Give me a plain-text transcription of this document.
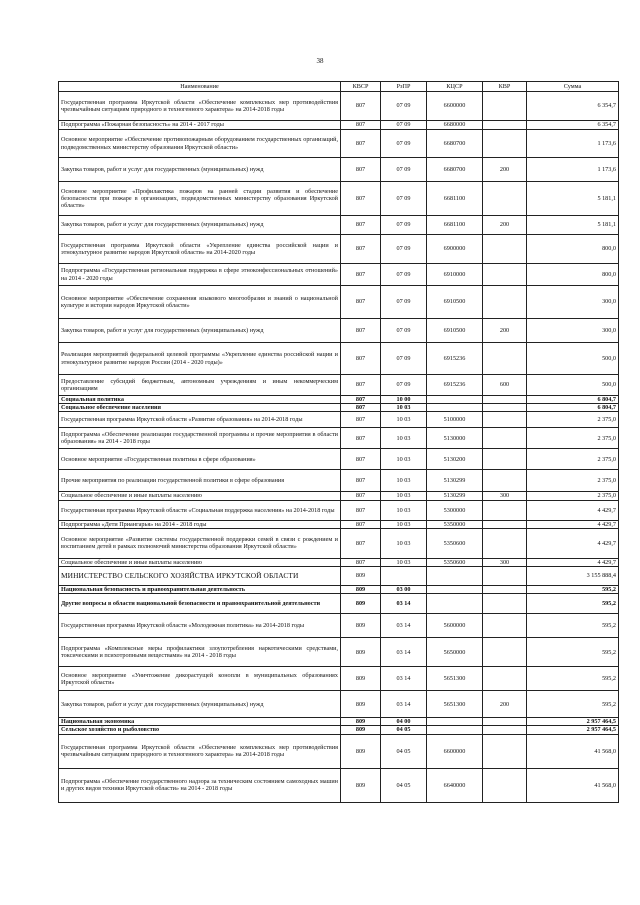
38
Наименование	КВСР	РзПР	КЦСР	КВР	Сумма
Государственная программа Иркутской области «Обеспечение комплексных мер противодействия чрезвычайным ситуациям природного и техногенного характера» на 2014-2018 годы	807	07 09	6600000		6 354,7
Подпрограмма «Пожарная безопасность» на 2014 - 2017 годы	807	07 09	6680000		6 354,7
Основное мероприятие «Обеспечение противопожарным оборудованием государственных организаций, подведомственных министерству образования Иркутской области»	807	07 09	6680700		1 173,6
Закупка товаров, работ и услуг для государственных (муниципальных) нужд	807	07 09	6680700	200	1 173,6
Основное мероприятие «Профилактика пожаров на ранней стадии развития и обеспечение безопасности при пожаре в организациях, подведомственных министерству образования Иркутской области»	807	07 09	6681100		5 181,1
Закупка товаров, работ и услуг для государственных (муниципальных) нужд	807	07 09	6681100	200	5 181,1
Государственная программа Иркутской области «Укрепление единства российской нации и этнокультурное развитие народов Иркутской области» на 2014-2020 годы	807	07 09	6900000		800,0
Подпрограмма «Государственная региональная поддержка в сфере этноконфессиональных отношений» на 2014 - 2020 годы	807	07 09	6910000		800,0
Основное мероприятие «Обеспечение сохранения языкового многообразия и знаний о национальной культуре и истории народов Иркутской области»	807	07 09	6910500		300,0
Закупка товаров, работ и услуг для государственных (муниципальных) нужд	807	07 09	6910500	200	300,0
Реализация мероприятий федеральной целевой программы «Укрепление единства российской нации и этнокультурное развитие народов России (2014 - 2020 годы)»	807	07 09	6915236		500,0
Предоставление субсидий бюджетным, автономным учреждениям и иным некоммерческим организациям	807	07 09	6915236	600	500,0
Социальная политика	807	10 00			6 804,7
Социальное обеспечение населения	807	10 03			6 804,7
Государственная программа Иркутской области «Развитие образования» на 2014-2018 годы	807	10 03	5100000		2 375,0
Подпрограмма «Обеспечение реализации государственной программы и прочие мероприятия в области образования» на 2014 - 2018 годы	807	10 03	5130000		2 375,0
Основное мероприятие «Государственная политика в сфере образования»	807	10 03	5130200		2 375,0
Прочие мероприятия по реализации государственной политики в сфере образования	807	10 03	5130299		2 375,0
Социальное обеспечение и иные выплаты населению	807	10 03	5130299	300	2 375,0
Государственная программа Иркутской области «Социальная поддержка населения» на 2014-2018 годы	807	10 03	5300000		4 429,7
Подпрограмма «Дети Приангарья» на 2014 - 2018 годы	807	10 03	5350000		4 429,7
Основное мероприятие «Развитие системы государственной поддержки семей в связи с рождением и воспитанием детей в рамках полномочий министерства образования Иркутской области»	807	10 03	5350600		4 429,7
Социальное обеспечение и иные выплаты населению	807	10 03	5350600	300	4 429,7
МИНИСТЕРСТВО СЕЛЬСКОГО ХОЗЯЙСТВА ИРКУТСКОЙ ОБЛАСТИ	809				3 155 888,4
Национальная безопасность и правоохранительная деятельность	809	03 00			595,2
Другие вопросы в области национальной безопасности и правоохранительной деятельности	809	03 14			595,2
Государственная программа Иркутской области «Молодежная политика» на 2014-2018 годы	809	03 14	5600000		595,2
Подпрограмма «Комплексные меры профилактики злоупотребления наркотическими средствами, токсическими и психотропными веществами» на 2014 - 2018 годы	809	03 14	5650000		595,2
Основное мероприятие «Уничтожение дикорастущей конопли в муниципальных образованиях Иркутской области»	809	03 14	5651300		595,2
Закупка товаров, работ и услуг для государственных (муниципальных) нужд	809	03 14	5651300	200	595,2
Национальная экономика	809	04 00			2 957 464,5
Сельское хозяйство и рыболовство	809	04 05			2 957 464,5
Государственная программа Иркутской области «Обеспечение комплексных мер противодействия чрезвычайным ситуациям природного и техногенного характера» на 2014-2018 годы	809	04 05	6600000		41 568,0
Подпрограмма «Обеспечение государственного надзора за техническим состоянием самоходных машин и других видов техники Иркутской области» на 2014 - 2018 годы	809	04 05	6640000		41 568,0
